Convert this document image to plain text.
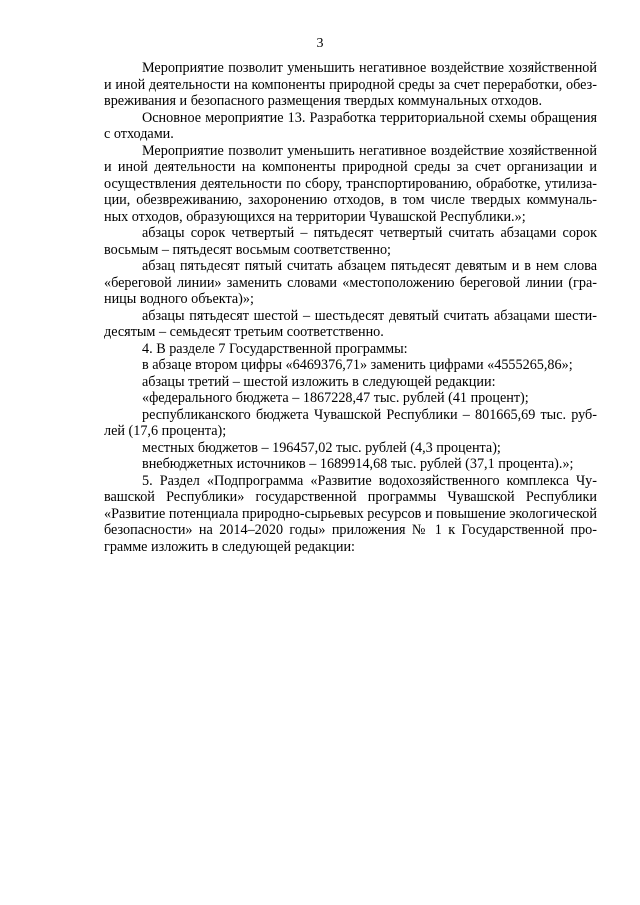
3

Мероприятие позволит уменьшить негативное воздействие хозяйственной и иной деятельности на компоненты природной среды за счет переработки, обезвреживания и безопасного размещения твердых коммунальных отходов.

Основное мероприятие 13. Разработка территориальной схемы обращения с отходами.

Мероприятие позволит уменьшить негативное воздействие хозяйственной и иной деятельности на компоненты природной среды за счет организации и осуществления деятельности по сбору, транспортированию, обработке, утилизации, обезвреживанию, захоронению отходов, в том числе твердых коммунальных отходов, образующихся на территории Чувашской Республики.»;

абзацы сорок четвертый – пятьдесят четвертый считать абзацами сорок восьмым – пятьдесят восьмым соответственно;

абзац пятьдесят пятый считать абзацем пятьдесят девятым и в нем слова «береговой линии» заменить словами «местоположению береговой линии (границы водного объекта)»;

абзацы пятьдесят шестой – шестьдесят девятый считать абзацами шестидесятым – семьдесят третьим соответственно.

4. В разделе 7 Государственной программы:

в абзаце втором цифры «6469376,71» заменить цифрами «4555265,86»;

абзацы третий – шестой изложить в следующей редакции:

«федерального бюджета – 1867228,47 тыс. рублей (41 процент);

республиканского бюджета Чувашской Республики – 801665,69 тыс. рублей (17,6 процента);

местных бюджетов – 196457,02 тыс. рублей (4,3 процента);

внебюджетных источников – 1689914,68 тыс. рублей (37,1 процента).»;

5. Раздел «Подпрограмма «Развитие водохозяйственного комплекса Чувашской Республики» государственной программы Чувашской Республики «Развитие потенциала природно-сырьевых ресурсов и повышение экологической безопасности» на 2014–2020 годы» приложения № 1 к Государственной программе изложить в следующей редакции:
